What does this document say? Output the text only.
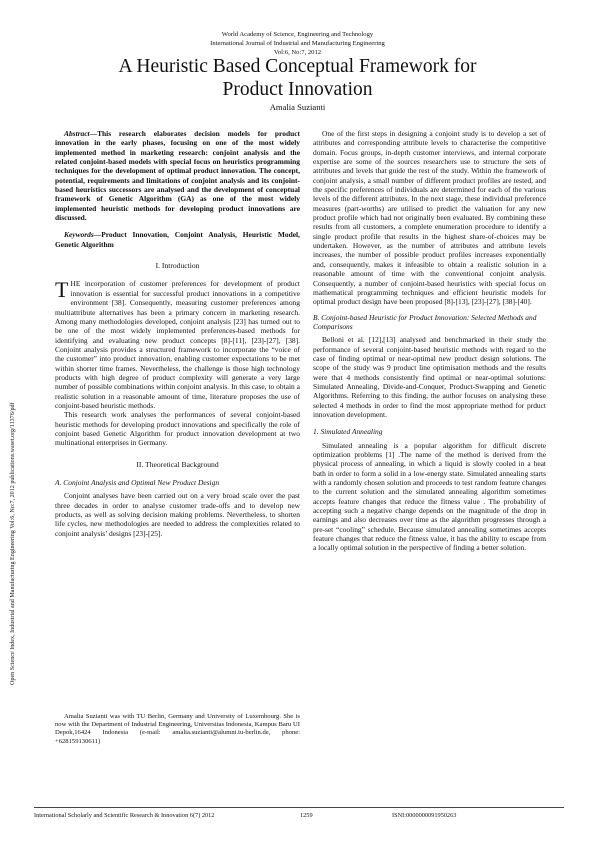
World Academy of Science, Engineering and Technology
International Journal of Industrial and Manufacturing Engineering
Vol:6, No:7, 2012
A Heuristic Based Conceptual Framework for
Product Innovation
Amalia Suzianti
Open Science Index, Industrial and Manufacturing Engineering Vol:6, No:7, 2012 publications.waset.org/11376/pdf

Abstract—This research elaborates decision models for product innovation in the early phases, focusing on one of the most widely implemented method in marketing research: conjoint analysis and the related conjoint-based models with special focus on heuristics programming techniques for the development of optimal product innovation. The concept, potential, requirements and limitations of conjoint analysis and its conjoint-based heuristics successors are analysed and the development of conceptual framework of Genetic Algorithm (GA) as one of the most widely implemented heuristic methods for developing product innovations are discussed.

Keywords—Product Innovation, Conjoint Analysis, Heuristic Model, Genetic Algorithm

I. Introduction

THE incorporation of customer preferences for development of product innovation is essential for successful product innovations in a competitive environment [38]. Consequently, measuring customer preferences among multiattribute alternatives has been a primary concern in marketing research. Among many methodologies developed, conjoint analysis [23] has turned out to be one of the most widely implemented preferences-based methods for identifying and evaluating new product concepts [8]-[11], [23]-[27], [38]. Conjoint analysis provides a structured framework to incorporate the “voice of the customer” into product innovation, enabling customer expectations to be met within shorter time frames. Nevertheless, the challenge is those high technology products with high degree of product complexity will generate a very large number of possible combinations within conjoint analysis. In this case, to obtain a realistic solution in a reasonable amount of time, literature proposes the use of conjoint-based heuristic methods.

This research work analyses the performances of several conjoint-based heuristic methods for developing product innovations and specifically the role of conjoint based Genetic Algorithm for product innovation development at two multinational enterprises in Germany.

II. Theoretical Background
A. Conjoint Analysis and Optimal New Product Design

Conjoint analyses have been carried out on a very broad scale over the past three decades in order to analyse customer trade-offs and to develop new products, as well as solving decision making problems. Nevertheless, to shorten life cycles, new methodologies are needed to address the complexities related to conjoint analysis’ designs [23]-[25].

Amalia Suzianti was with TU Berlin, Germany and University of Luxembourg. She is now with the Department of Industrial Engineering, Universitas Indonesia, Kampus Baru UI Depok,16424 Indonesia (e-mail: amalia.suzianti@alumni.tu-berlin.de, phone: +628159130611)

One of the first steps in designing a conjoint study is to develop a set of attributes and corresponding attribute levels to characterise the competitive domain. Focus groups, in-depth customer interviews, and internal corporate expertise are some of the sources researchers use to structure the sets of attributes and levels that guide the rest of the study. Within the framework of conjoint analysis, a small number of different product profiles are tested, and the specific preferences of individuals are determined for each of the various levels of the different attributes. In the next stage, these individual preference measures (part-worths) are utilised to predict the valuation for any new product profile which had not originally been evaluated. By combining these results from all customers, a complete enumeration procedure to identify a single product profile that results in the highest share-of-choices may be undertaken. However, as the number of attributes and attribute levels increases, the number of possible product profiles increases exponentially and, consequently, makes it infeasible to obtain a realistic solution in a reasonable amount of time with the conventional conjoint analysis. Consequently, a number of conjoint-based heuristics with special focus on mathematical programming techniques and efficient heuristic models for optimal product design have been proposed [8]-[13], [23]-[27], [38]-[40].

B. Conjoint-based Heuristic for Product Innovation: Selected Methods and Comparisons

Belloni et al. [12],[13] analysed and benchmarked in their study the performance of several conjoint-based heuristic methods with regard to the case of finding optimal or near-optimal new product design solutions. The scope of the study was 9 product line optimisation methods and the results were that 4 methods consistently find optimal or near-optimal solutions: Simulated Annealing, Divide-and-Conquer, Product-Swapping and Genetic Algorithms. Referring to this finding, the author focuses on analysing these selected 4 methods in order to find the most appropriate method for prduct innovation development.

1. Simulated Annealing

Simulated annealing is a popular algorithm for difficult discrete optimization problems [1] .The name of the method is derived from the physical process of annealing, in which a liquid is slowly cooled in a heat bath in order to form a solid in a low-energy state. Simulated annealing starts with a randomly chosen solution and proceeds to test random feature changes to the current solution and the simulated annealing algorithm sometimes accepts feature changes that reduce the fitness value . The probability of accepting such a negative change depends on the magnitude of the drop in earnings and also decreases over time as the algorithm progresses through a pre-set “cooling” schedule. Because simulated annealing sometimes accepts feature changes that reduce the fitness value, it has the ability to escape from a locally optimal solution in the perspective of finding a better solution.

International Scholarly and Scientific Research & Innovation 6(7) 2012	1259	ISNI:0000000091950263
